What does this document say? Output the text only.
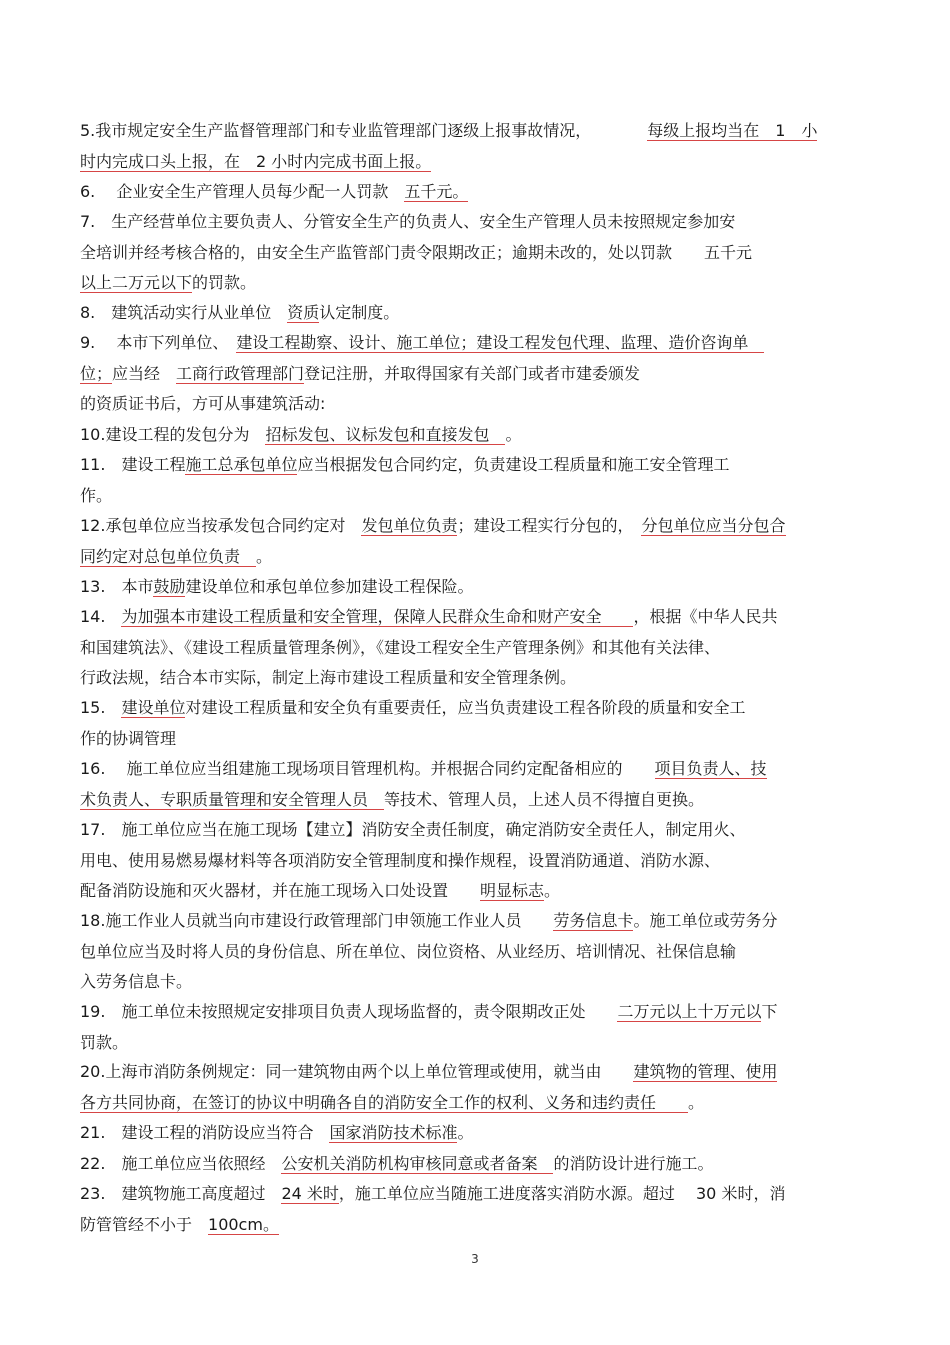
5.我市规定安全生产监督管理部门和专业监管理部门逐级上报事故情况，　　　　每级上报均当在　1　小
时内完成口头上报，在　2 小时内完成书面上报。
6.　 企业安全生产管理人员每少配一人罚款　五千元。
7.　生产经营单位主要负责人、分管安全生产的负责人、安全生产管理人员未按照规定参加安
全培训并经考核合格的，由安全生产监管部门责令限期改正；逾期未改的，处以罚款　　五千元
以上二万元以下的罚款。
8.　建筑活动实行从业单位　资质认定制度。
9.　 本市下列单位、　建设工程勘察、设计、施工单位；建设工程发包代理、监理、造价咨询单　
位；应当经　工商行政管理部门登记注册，并取得国家有关部门或者市建委颁发
的资质证书后，方可从事建筑活动:
10.建设工程的发包分为　招标发包、议标发包和直接发包　。
11.　建设工程施工总承包单位应当根据发包合同约定，负责建设工程质量和施工安全管理工
作。
12.承包单位应当按承发包合同约定对　发包单位负责；建设工程实行分包的，　分包单位应当分包合
同约定对总包单位负责　。
13.　本市鼓励建设单位和承包单位参加建设工程保险。
14.　为加强本市建设工程质量和安全管理，保障人民群众生命和财产安全　　，根据《中华人民共
和国建筑法》、《建设工程质量管理条例》，《建设工程安全生产管理条例》和其他有关法律、
行政法规，结合本市实际，制定上海市建设工程质量和安全管理条例。
15.　建设单位对建设工程质量和安全负有重要责任，应当负责建设工程各阶段的质量和安全工
作的协调管理
16.　 施工单位应当组建施工现场项目管理机构。并根据合同约定配备相应的　　项目负责人、技
术负责人、专职质量管理和安全管理人员　等技术、管理人员，上述人员不得擅自更换。
17.　施工单位应当在施工现场【建立】消防安全责任制度，确定消防安全责任人，制定用火、
用电、使用易燃易爆材料等各项消防安全管理制度和操作规程，设置消防通道、消防水源、
配备消防设施和灭火器材，并在施工现场入口处设置　　明显标志。
18.施工作业人员就当向市建设行政管理部门申领施工作业人员　　劳务信息卡。施工单位或劳务分
包单位应当及时将人员的身份信息、所在单位、岗位资格、从业经历、培训情况、社保信息输
入劳务信息卡。
19.　施工单位未按照规定安排项目负责人现场监督的，责令限期改正处　　二万元以上十万元以下
罚款。
20.上海市消防条例规定：同一建筑物由两个以上单位管理或使用，就当由　　建筑物的管理、使用
各方共同协商，在签订的协议中明确各自的消防安全工作的权利、义务和违约责任　　。
21.　建设工程的消防设应当符合　国家消防技术标准。
22.　施工单位应当依照经　公安机关消防机构审核同意或者备案　的消防设计进行施工。
23.　建筑物施工高度超过　24 米时，施工单位应当随施工进度落实消防水源。超过　 30 米时，消
防管管经不小于　100cm。
3
